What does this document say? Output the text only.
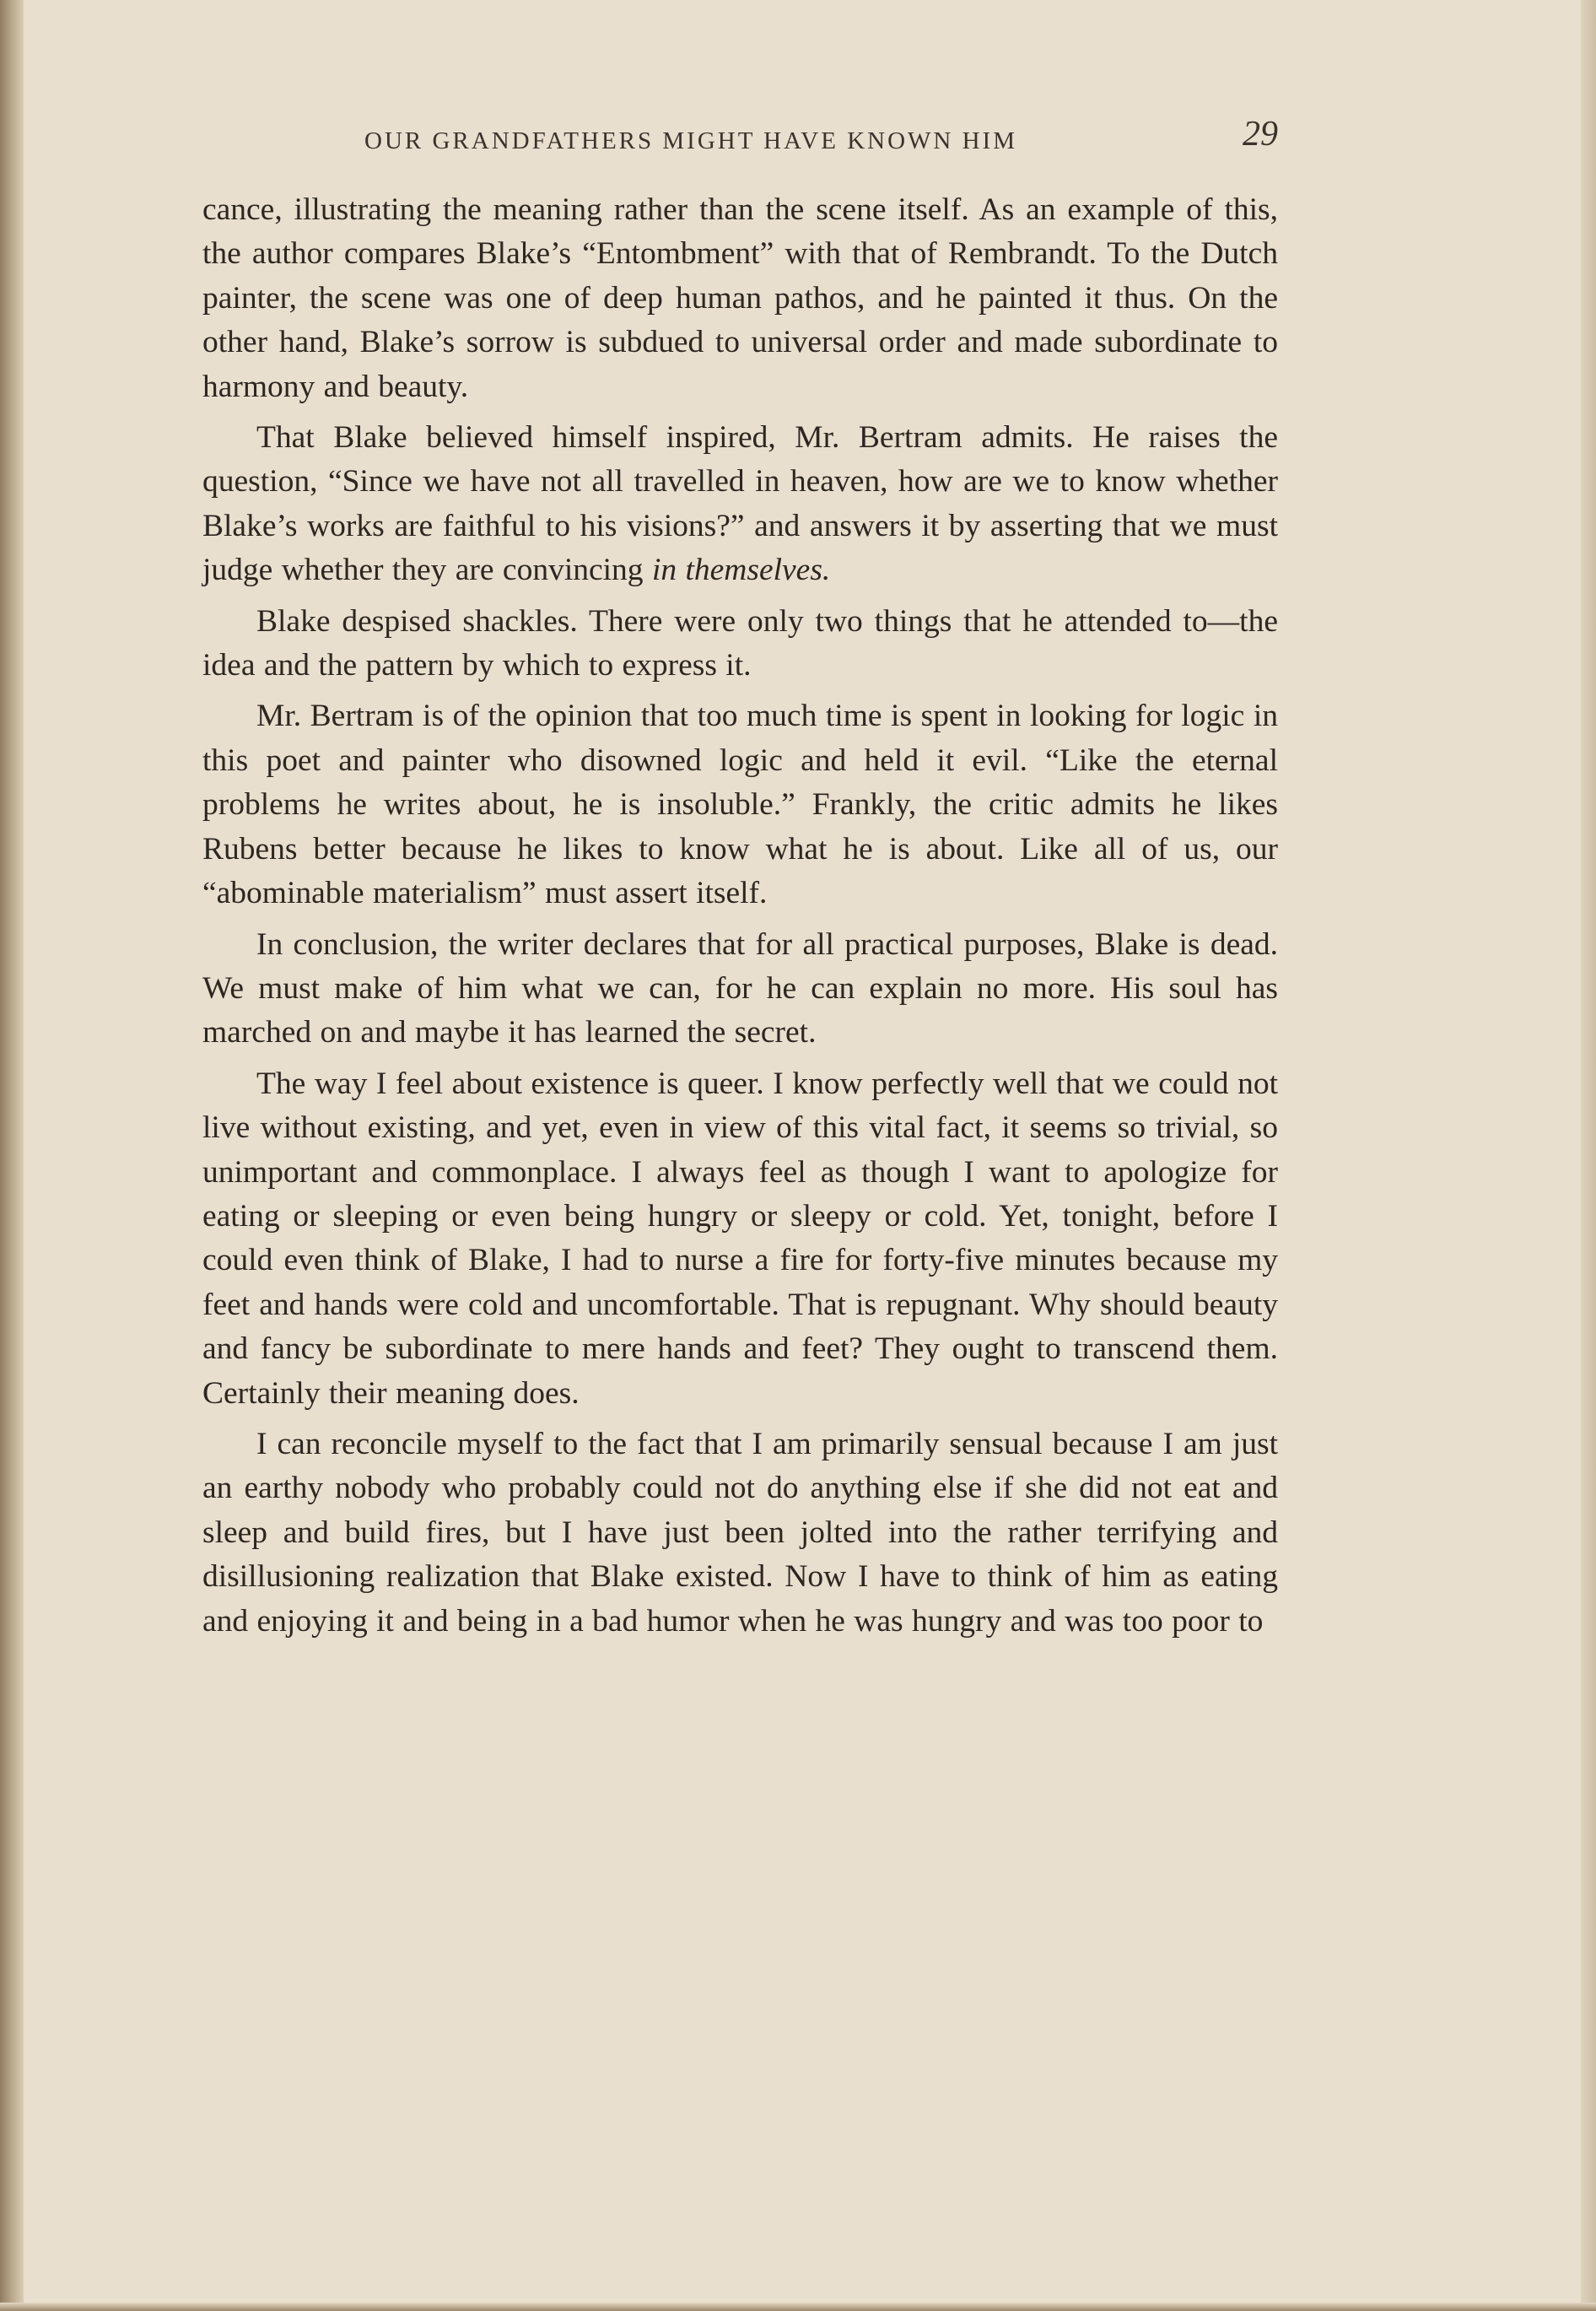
OUR GRANDFATHERS MIGHT HAVE KNOWN HIM	29

cance, illustrating the meaning rather than the scene itself. As an example of this, the author compares Blake’s “Entombment” with that of Rembrandt. To the Dutch painter, the scene was one of deep human pathos, and he painted it thus. On the other hand, Blake’s sorrow is subdued to universal order and made subordinate to harmony and beauty.

That Blake believed himself inspired, Mr. Bertram admits. He raises the question, “Since we have not all travelled in heaven, how are we to know whether Blake’s works are faithful to his visions?” and answers it by asserting that we must judge whether they are convincing in themselves.

Blake despised shackles. There were only two things that he attended to—the idea and the pattern by which to express it.

Mr. Bertram is of the opinion that too much time is spent in looking for logic in this poet and painter who disowned logic and held it evil. “Like the eternal problems he writes about, he is insoluble.” Frankly, the critic admits he likes Rubens better because he likes to know what he is about. Like all of us, our “abominable materialism” must assert itself.

In conclusion, the writer declares that for all practical purposes, Blake is dead. We must make of him what we can, for he can explain no more. His soul has marched on and maybe it has learned the secret.

The way I feel about existence is queer. I know perfectly well that we could not live without existing, and yet, even in view of this vital fact, it seems so trivial, so unimportant and commonplace. I always feel as though I want to apologize for eating or sleeping or even being hungry or sleepy or cold. Yet, tonight, before I could even think of Blake, I had to nurse a fire for forty-five minutes because my feet and hands were cold and uncomfortable. That is repugnant. Why should beauty and fancy be subordinate to mere hands and feet? They ought to transcend them. Certainly their meaning does.

I can reconcile myself to the fact that I am primarily sensual because I am just an earthy nobody who probably could not do anything else if she did not eat and sleep and build fires, but I have just been jolted into the rather terrifying and disillusioning realization that Blake existed. Now I have to think of him as eating and enjoying it and being in a bad humor when he was hungry and was too poor to
